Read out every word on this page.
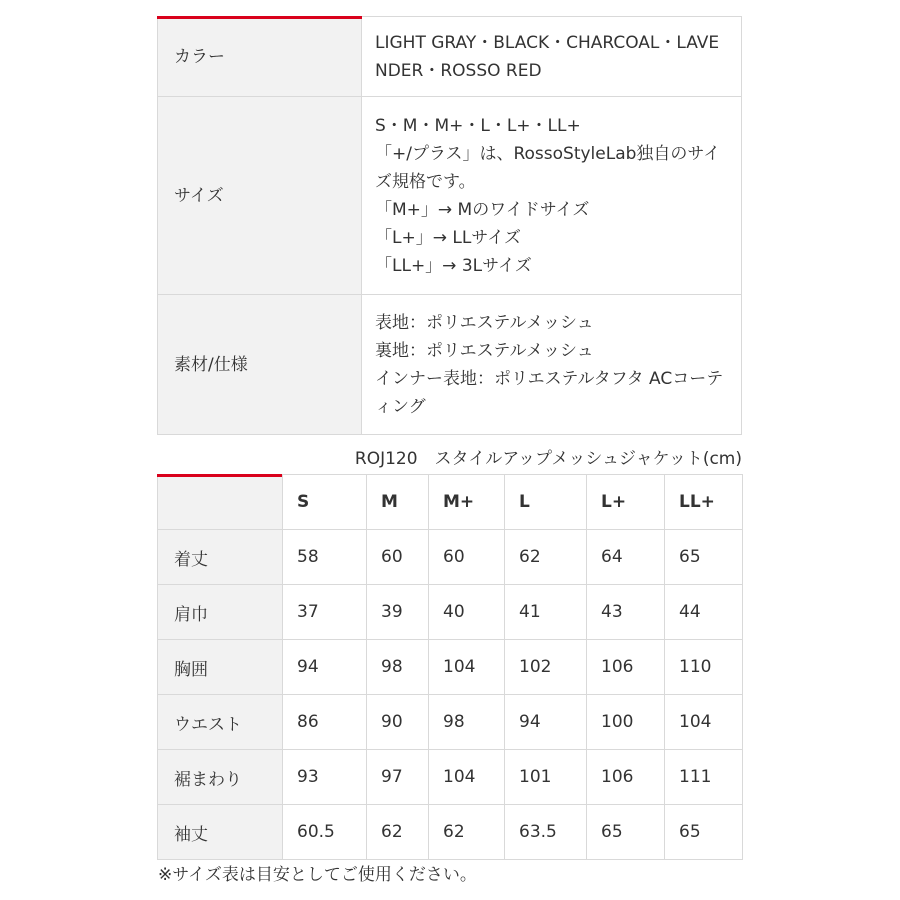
カラー	LIGHT GRAY・BLACK・CHARCOAL・LAVENDER・ROSSO RED
サイズ	S・M・M+・L・L+・LL+
「+/プラス」は、RossoStyleLab独自のサイズ規格です。
「M+」→ Mのワイドサイズ
「L+」→ LLサイズ
「LL+」→ 3Lサイズ

素材/仕様	表地：ポリエステルメッシュ
裏地：ポリエステルメッシュ
インナー表地：ポリエステルタフタ ACコーティング
ROJ120　スタイルアップメッシュジャケット(cm)
	S	M	M+	L	L+	LL+
着丈	58	60	60	62	64	65
肩巾	37	39	40	41	43	44
胸囲	94	98	104	102	106	110
ウエスト	86	90	98	94	100	104
裾まわり	93	97	104	101	106	111
袖丈	60.5	62	62	63.5	65	65
※サイズ表は目安としてご使用ください。
